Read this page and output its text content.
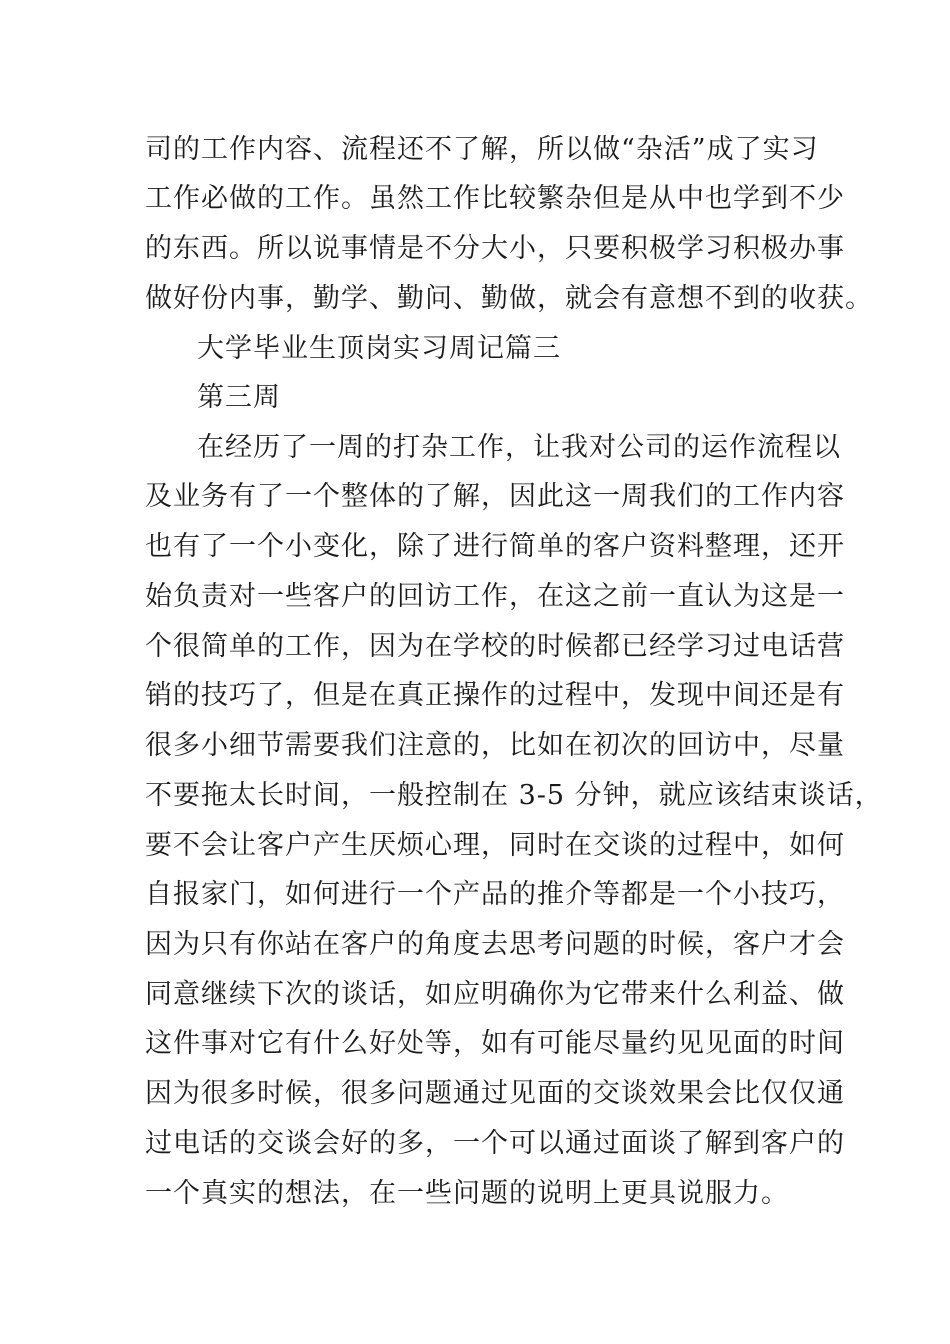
司的工作内容、流程还不了解，所以做“杂活”成了实习
工作必做的工作。虽然工作比较繁杂但是从中也学到不少
的东西。所以说事情是不分大小，只要积极学习积极办事
做好份内事，勤学、勤问、勤做，就会有意想不到的收获。
大学毕业生顶岗实习周记篇三
第三周
在经历了一周的打杂工作，让我对公司的运作流程以
及业务有了一个整体的了解，因此这一周我们的工作内容
也有了一个小变化，除了进行简单的客户资料整理，还开
始负责对一些客户的回访工作，在这之前一直认为这是一
个很简单的工作，因为在学校的时候都已经学习过电话营
销的技巧了，但是在真正操作的过程中，发现中间还是有
很多小细节需要我们注意的，比如在初次的回访中，尽量
不要拖太长时间，一般控制在 3-5 分钟，就应该结束谈话，
要不会让客户产生厌烦心理，同时在交谈的过程中，如何
自报家门，如何进行一个产品的推介等都是一个小技巧，
因为只有你站在客户的角度去思考问题的时候，客户才会
同意继续下次的谈话，如应明确你为它带来什么利益、做
这件事对它有什么好处等，如有可能尽量约见见面的时间
因为很多时候，很多问题通过见面的交谈效果会比仅仅通
过电话的交谈会好的多，一个可以通过面谈了解到客户的
一个真实的想法，在一些问题的说明上更具说服力。
